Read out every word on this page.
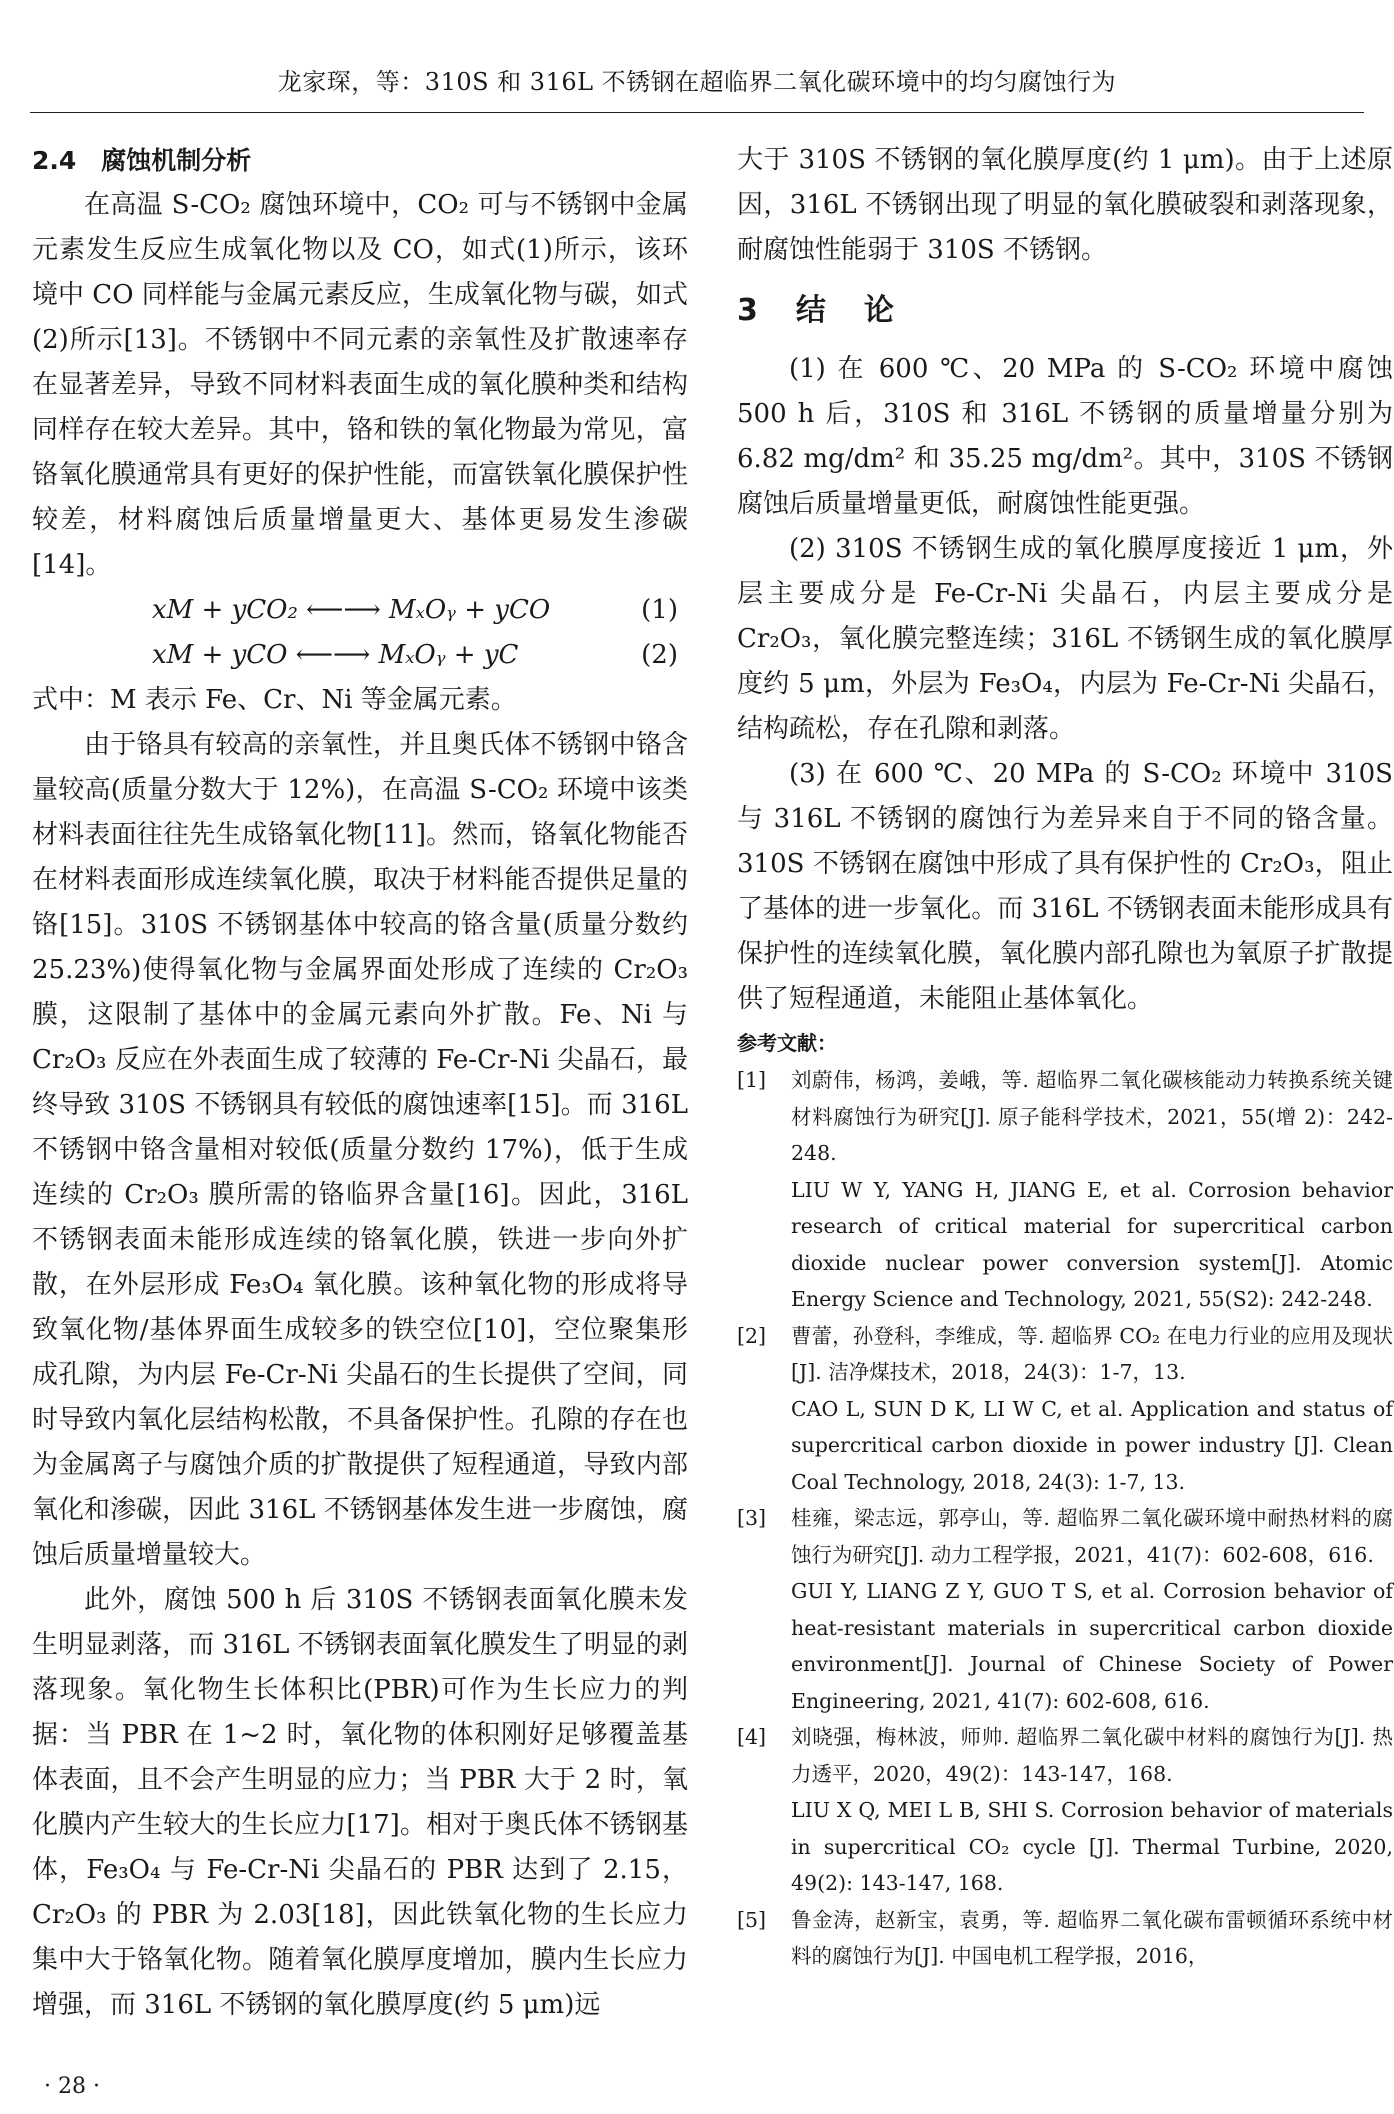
龙家琛，等：310S 和 316L 不锈钢在超临界二氧化碳环境中的均匀腐蚀行为
2.4　腐蚀机制分析

在高温 S-CO₂ 腐蚀环境中，CO₂ 可与不锈钢中金属元素发生反应生成氧化物以及 CO，如式(1)所示，该环境中 CO 同样能与金属元素反应，生成氧化物与碳，如式(2)所示[13]。不锈钢中不同元素的亲氧性及扩散速率存在显著差异，导致不同材料表面生成的氧化膜种类和结构同样存在较大差异。其中，铬和铁的氧化物最为常见，富铬氧化膜通常具有更好的保护性能，而富铁氧化膜保护性较差，材料腐蚀后质量增量更大、基体更易发生渗碳[14]。

xM + yCO₂ ⟵⟶ MₓOᵧ + yCO	(1)
xM + yCO ⟵⟶ MₓOᵧ + yC	(2)

式中：M 表示 Fe、Cr、Ni 等金属元素。

由于铬具有较高的亲氧性，并且奥氏体不锈钢中铬含量较高(质量分数大于 12%)，在高温 S-CO₂ 环境中该类材料表面往往先生成铬氧化物[11]。然而，铬氧化物能否在材料表面形成连续氧化膜，取决于材料能否提供足量的铬[15]。310S 不锈钢基体中较高的铬含量(质量分数约 25.23%)使得氧化物与金属界面处形成了连续的 Cr₂O₃ 膜，这限制了基体中的金属元素向外扩散。Fe、Ni 与 Cr₂O₃ 反应在外表面生成了较薄的 Fe-Cr-Ni 尖晶石，最终导致 310S 不锈钢具有较低的腐蚀速率[15]。而 316L 不锈钢中铬含量相对较低(质量分数约 17%)，低于生成连续的 Cr₂O₃ 膜所需的铬临界含量[16]。因此，316L 不锈钢表面未能形成连续的铬氧化膜，铁进一步向外扩散，在外层形成 Fe₃O₄ 氧化膜。该种氧化物的形成将导致氧化物/基体界面生成较多的铁空位[10]，空位聚集形成孔隙，为内层 Fe-Cr-Ni 尖晶石的生长提供了空间，同时导致内氧化层结构松散，不具备保护性。孔隙的存在也为金属离子与腐蚀介质的扩散提供了短程通道，导致内部氧化和渗碳，因此 316L 不锈钢基体发生进一步腐蚀，腐蚀后质量增量较大。

此外，腐蚀 500 h 后 310S 不锈钢表面氧化膜未发生明显剥落，而 316L 不锈钢表面氧化膜发生了明显的剥落现象。氧化物生长体积比(PBR)可作为生长应力的判据：当 PBR 在 1~2 时，氧化物的体积刚好足够覆盖基体表面，且不会产生明显的应力；当 PBR 大于 2 时，氧化膜内产生较大的生长应力[17]。相对于奥氏体不锈钢基体，Fe₃O₄ 与 Fe-Cr-Ni 尖晶石的 PBR 达到了 2.15，Cr₂O₃ 的 PBR 为 2.03[18]，因此铁氧化物的生长应力集中大于铬氧化物。随着氧化膜厚度增加，膜内生长应力增强，而 316L 不锈钢的氧化膜厚度(约 5 μm)远

大于 310S 不锈钢的氧化膜厚度(约 1 μm)。由于上述原因，316L 不锈钢出现了明显的氧化膜破裂和剥落现象，耐腐蚀性能弱于 310S 不锈钢。

3　结　论

(1) 在 600 ℃、20 MPa 的 S-CO₂ 环境中腐蚀 500 h 后，310S 和 316L 不锈钢的质量增量分别为 6.82 mg/dm² 和 35.25 mg/dm²。其中，310S 不锈钢腐蚀后质量增量更低，耐腐蚀性能更强。

(2) 310S 不锈钢生成的氧化膜厚度接近 1 μm，外层主要成分是 Fe-Cr-Ni 尖晶石，内层主要成分是 Cr₂O₃，氧化膜完整连续；316L 不锈钢生成的氧化膜厚度约 5 μm，外层为 Fe₃O₄，内层为 Fe-Cr-Ni 尖晶石，结构疏松，存在孔隙和剥落。

(3) 在 600 ℃、20 MPa 的 S-CO₂ 环境中 310S 与 316L 不锈钢的腐蚀行为差异来自于不同的铬含量。310S 不锈钢在腐蚀中形成了具有保护性的 Cr₂O₃，阻止了基体的进一步氧化。而 316L 不锈钢表面未能形成具有保护性的连续氧化膜，氧化膜内部孔隙也为氧原子扩散提供了短程通道，未能阻止基体氧化。

参考文献：
[1]	刘蔚伟，杨鸿，姜峨，等. 超临界二氧化碳核能动力转换系统关键材料腐蚀行为研究[J]. 原子能科学技术，2021，55(增 2)：242-248.
LIU W Y, YANG H, JIANG E, et al. Corrosion behavior research of critical material for supercritical carbon dioxide nuclear power conversion system[J]. Atomic Energy Science and Technology, 2021, 55(S2): 242-248.
[2]	曹蕾，孙登科，李维成，等. 超临界 CO₂ 在电力行业的应用及现状[J]. 洁净煤技术，2018，24(3)：1-7，13.
CAO L, SUN D K, LI W C, et al. Application and status of supercritical carbon dioxide in power industry [J]. Clean Coal Technology, 2018, 24(3): 1-7, 13.
[3]	桂雍，梁志远，郭亭山，等. 超临界二氧化碳环境中耐热材料的腐蚀行为研究[J]. 动力工程学报，2021，41(7)：602-608，616.
GUI Y, LIANG Z Y, GUO T S, et al. Corrosion behavior of heat-resistant materials in supercritical carbon dioxide environment[J]. Journal of Chinese Society of Power Engineering, 2021, 41(7): 602-608, 616.
[4]	刘晓强，梅林波，师帅. 超临界二氧化碳中材料的腐蚀行为[J]. 热力透平，2020，49(2)：143-147，168.
LIU X Q, MEI L B, SHI S. Corrosion behavior of materials in supercritical CO₂ cycle [J]. Thermal Turbine, 2020, 49(2): 143-147, 168.
[5]	鲁金涛，赵新宝，袁勇，等. 超临界二氧化碳布雷顿循环系统中材料的腐蚀行为[J]. 中国电机工程学报，2016，
· 28 ·
